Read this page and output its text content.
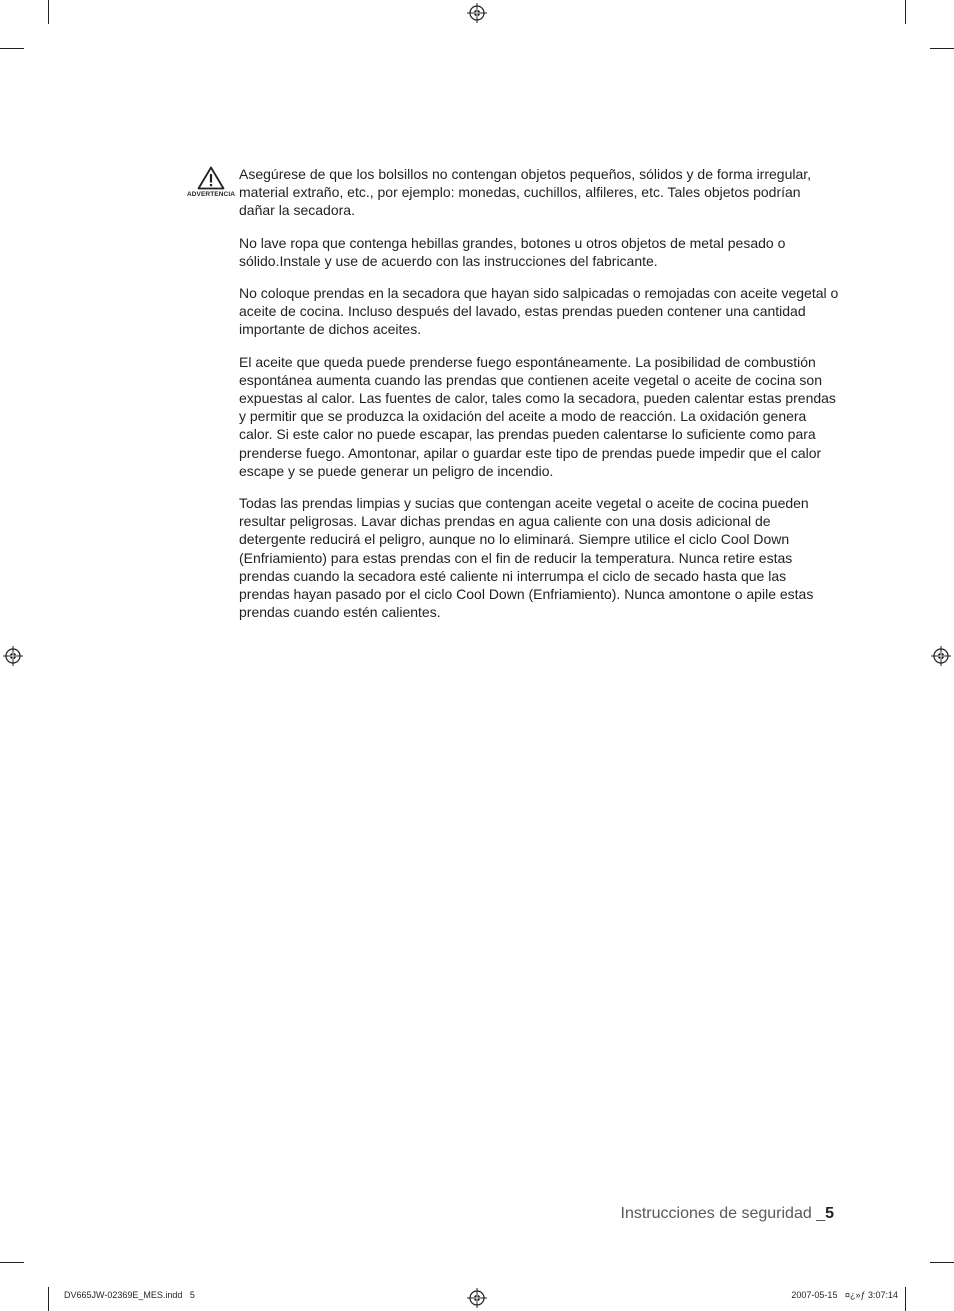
ADVERTENCIA

Asegúrese de que los bolsillos no contengan objetos pequeños, sólidos y de forma irregular, material extraño, etc., por ejemplo: monedas, cuchillos, alfileres, etc. Tales objetos podrían dañar la secadora.

No lave ropa que contenga hebillas grandes, botones u otros objetos de metal pesado o sólido.Instale y use de acuerdo con las instrucciones del fabricante.

No coloque prendas en la secadora que hayan sido salpicadas o remojadas con aceite vegetal o aceite de cocina. Incluso después del lavado, estas prendas pueden contener una cantidad importante de dichos aceites.

El aceite que queda puede prenderse fuego espontáneamente. La posibilidad de combustión espontánea aumenta cuando las prendas que contienen aceite vegetal o aceite de cocina son expuestas al calor. Las fuentes de calor, tales como la secadora, pueden calentar estas prendas y permitir que se produzca la oxidación del aceite a modo de reacción. La oxidación genera calor. Si este calor no puede escapar, las prendas pueden calentarse lo suficiente como para prenderse fuego. Amontonar, apilar o guardar este tipo de prendas puede impedir que el calor escape y se puede generar un peligro de incendio.

Todas las prendas limpias y sucias que contengan aceite vegetal o aceite de cocina pueden resultar peligrosas. Lavar dichas prendas en agua caliente con una dosis adicional de detergente reducirá el peligro, aunque no lo eliminará. Siempre utilice el ciclo Cool Down (Enfriamiento) para estas prendas con el fin de reducir la temperatura. Nunca retire estas prendas cuando la secadora esté caliente ni interrumpa el ciclo de secado hasta que las prendas hayan pasado por el ciclo Cool Down (Enfriamiento). Nunca amontone o apile estas prendas cuando estén calientes.

Instrucciones de seguridad _5
DV665JW-02369E_MES.indd   5	2007-05-15   ¤¿»ƒ 3:07:14
